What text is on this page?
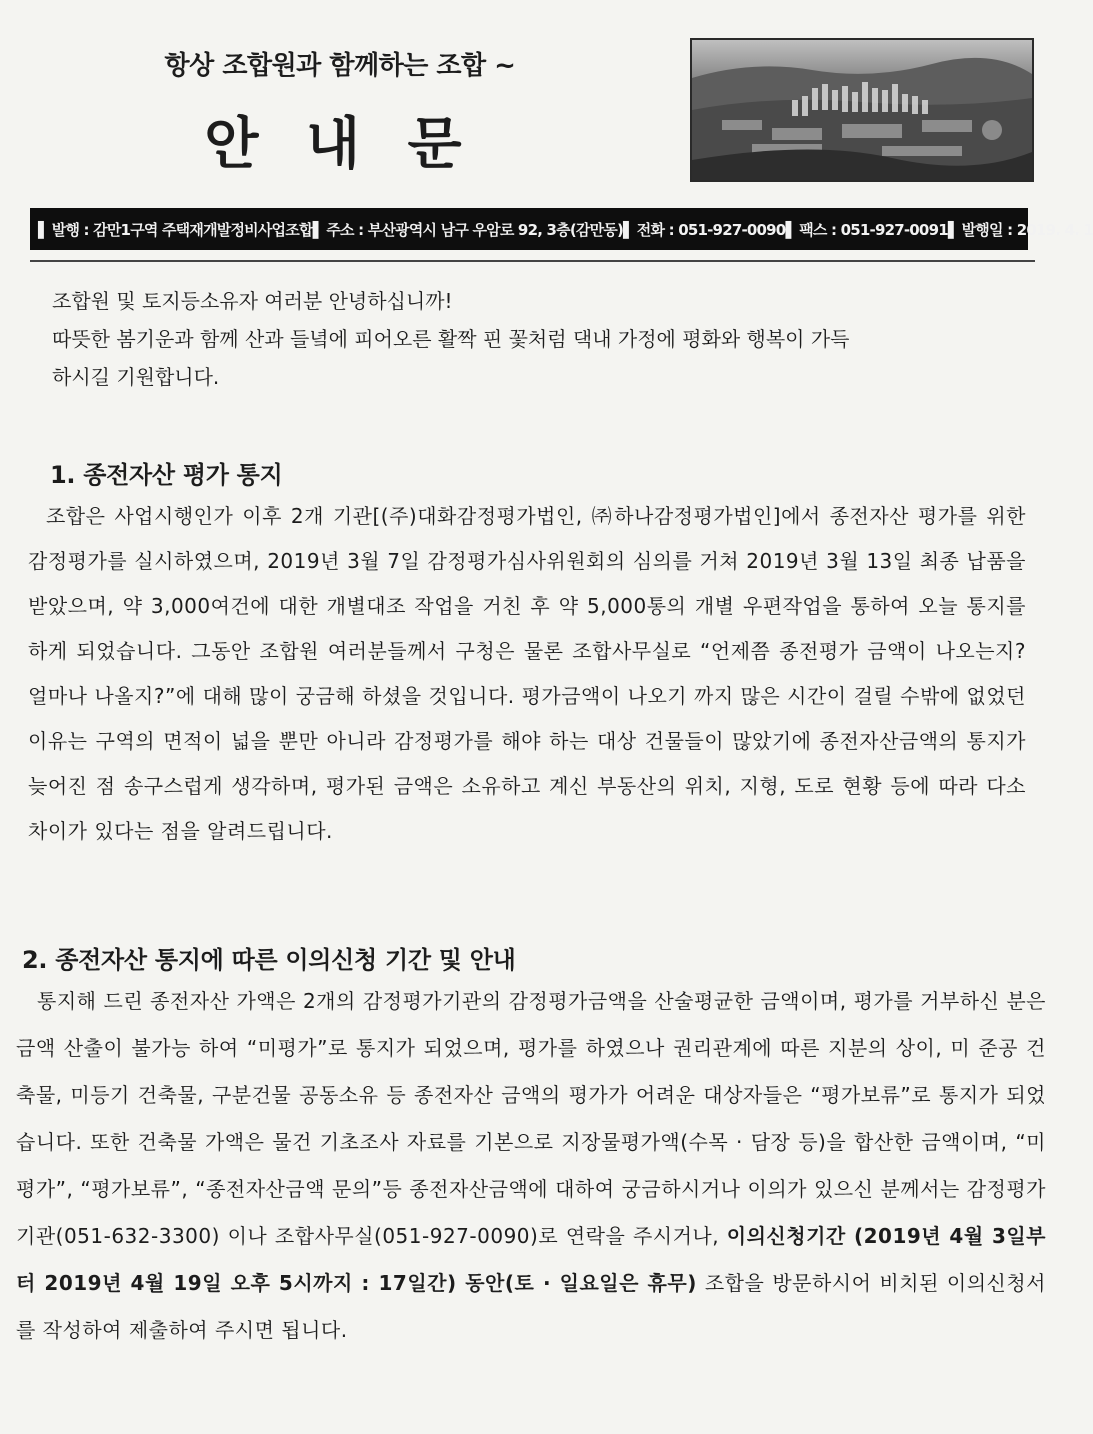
항상 조합원과 함께하는 조합 ~
안 내 문
▌ 발행 : 감만1구역 주택재개발정비사업조합 ▌ 주소 : 부산광역시 남구 우암로 92, 3층(감만동) ▌ 전화 : 051-927-0090 ▌ 팩스 : 051-927-0091 ▌ 발행일 : 2019. 4. 1

조합원 및 토지등소유자 여러분 안녕하십니까!

따뜻한 봄기운과 함께 산과 들녘에 피어오른 활짝 핀 꽃처럼 댁내 가정에 평화와 행복이 가득

하시길 기원합니다.

1. 종전자산 평가 통지
조합은 사업시행인가 이후 2개 기관[(주)대화감정평가법인, ㈜하나감정평가법인]에서 종전자산 평가를 위한 감정평가를 실시하였으며, 2019년 3월 7일 감정평가심사위원회의 심의를 거쳐 2019년 3월 13일 최종 납품을 받았으며, 약 3,000여건에 대한 개별대조 작업을 거친 후 약 5,000통의 개별 우편작업을 통하여 오늘 통지를 하게 되었습니다. 그동안 조합원 여러분들께서 구청은 물론 조합사무실로 “언제쯤 종전평가 금액이 나오는지? 얼마나 나올지?”에 대해 많이 궁금해 하셨을 것입니다. 평가금액이 나오기 까지 많은 시간이 걸릴 수밖에 없었던 이유는 구역의 면적이 넓을 뿐만 아니라 감정평가를 해야 하는 대상 건물들이 많았기에 종전자산금액의 통지가 늦어진 점 송구스럽게 생각하며, 평가된 금액은 소유하고 계신 부동산의 위치, 지형, 도로 현황 등에 따라 다소 차이가 있다는 점을 알려드립니다.
2. 종전자산 통지에 따른 이의신청 기간 및 안내
통지해 드린 종전자산 가액은 2개의 감정평가기관의 감정평가금액을 산술평균한 금액이며, 평가를 거부하신 분은 금액 산출이 불가능 하여 “미평가”로 통지가 되었으며, 평가를 하였으나 권리관계에 따른 지분의 상이, 미 준공 건축물, 미등기 건축물, 구분건물 공동소유 등 종전자산 금액의 평가가 어려운 대상자들은 “평가보류”로 통지가 되었습니다. 또한 건축물 가액은 물건 기초조사 자료를 기본으로 지장물평가액(수목 · 담장 등)을 합산한 금액이며, “미평가”, “평가보류”, “종전자산금액 문의”등 종전자산금액에 대하여 궁금하시거나 이의가 있으신 분께서는 감정평가기관(051-632-3300) 이나 조합사무실(051-927-0090)로 연락을 주시거나, 이의신청기간 (2019년 4월 3일부터 2019년 4월 19일 오후 5시까지 : 17일간) 동안(토 · 일요일은 휴무) 조합을 방문하시어 비치된 이의신청서를 작성하여 제출하여 주시면 됩니다.
